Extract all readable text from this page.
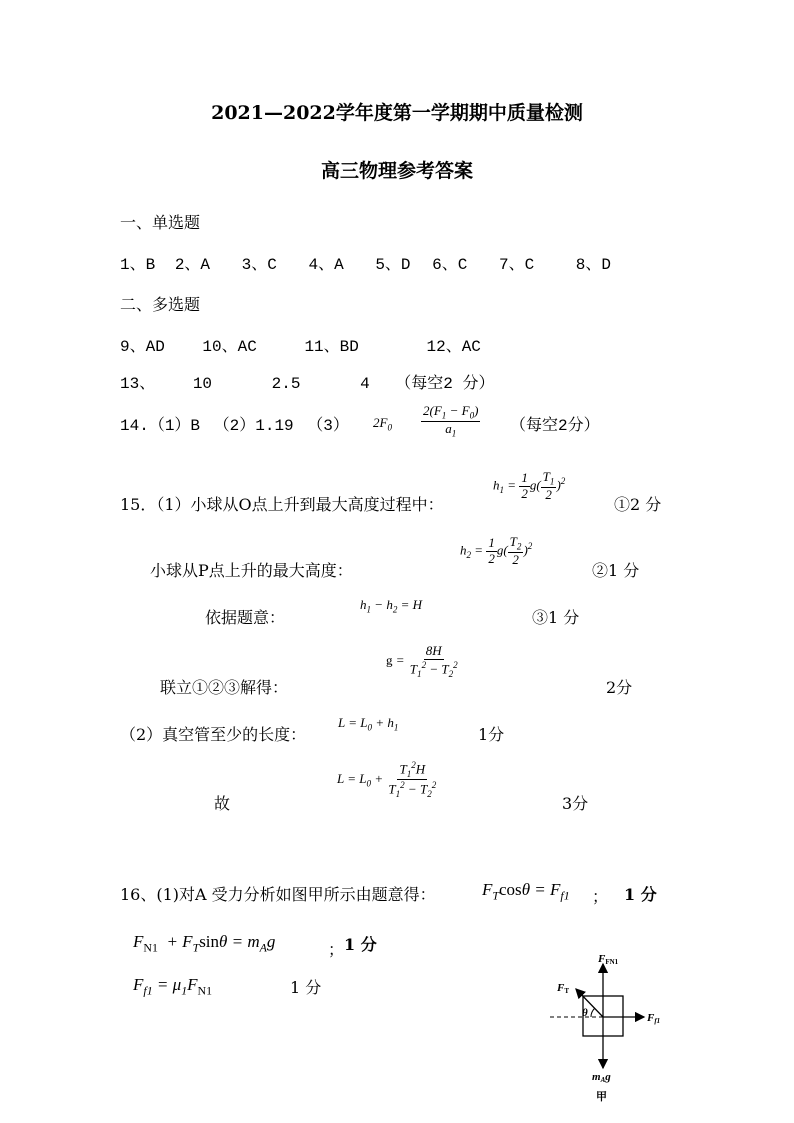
2021—2022学年度第一学期期中质量检测
高三物理参考答案
一、单选题
1、B 2、A 3、C 4、A 5、D 6、C 7、C	8、D
二、多选题
9、AD 10、AC	11、BD	12、AC
13、 10	2.5	4 （每空2 分）
14.（1）B （2）1.19 （3） $2F_0 \frac{2(F_1 - F_0)}{a_1}$ （每空2分）
15．（1）小球从O点上升到最大高度过程中：
$h_1 = \frac{1}{2} g( \frac{T_1}{2} )^2$
①2 分
小球从P点上升的最大高度：
$h_2 = \frac{1}{2} g( \frac{T_2}{2} )^2$
②1 分
依据题意：
$h_1 - h_2 = H$
③1 分
联立①②③解得：
$g = \frac{8H}{T_1^2 - T_2^2}$
2分
（2）真空管至少的长度：
$L = L_0 + h_1$	1分
故
$L = L_0 + \frac{T_1^2H}{T_1^2 - T_2^2}$
3分
16、(1)对A 受力分析如图甲所示由题意得：	$F_T\cos\theta = F_{f1}$ ； 1 分
$F_{N1} + F_T\sin\theta = m_Ag$	； 1 分
$F_{f1} = \mu_1F_{N1}$	1 分
FFN1
FT
θ	Ff1
mAg
甲
